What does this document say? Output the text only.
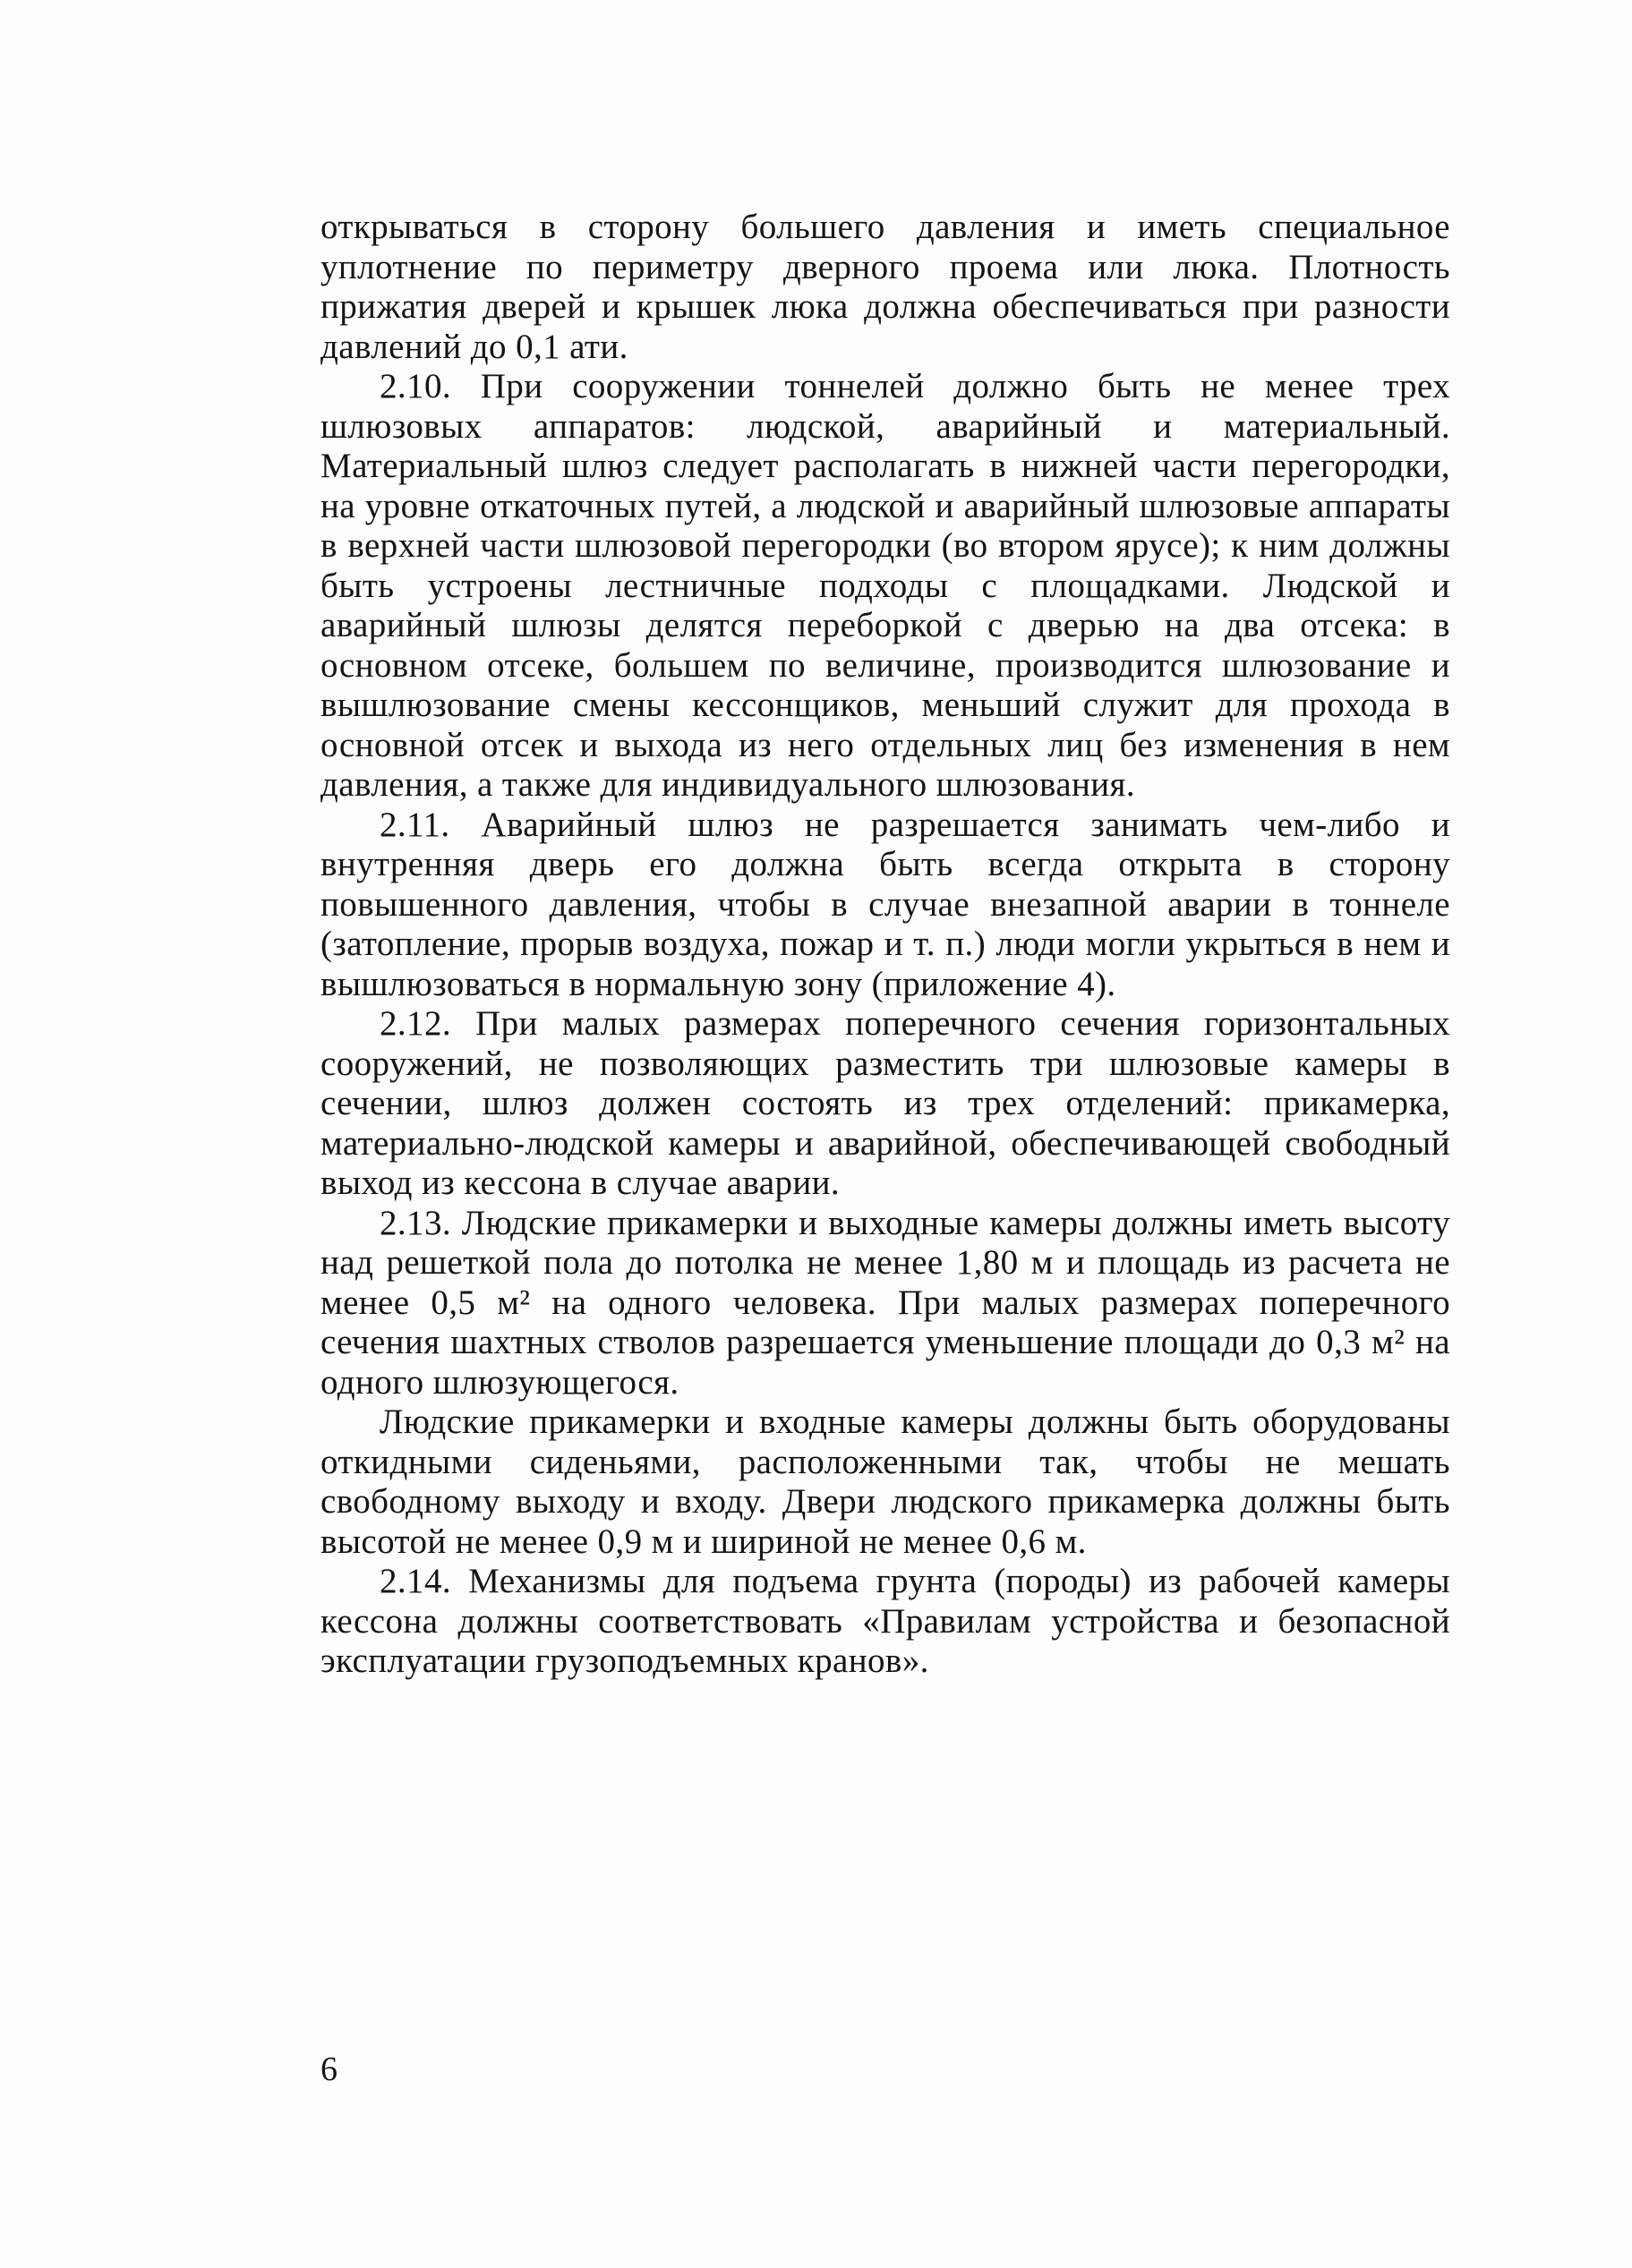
открываться в сторону большего давления и иметь специальное уплотнение по периметру дверного проема или люка. Плотность прижатия дверей и крышек люка должна обеспечиваться при разности давлений до 0,1 ати.

2.10. При сооружении тоннелей должно быть не менее трех шлюзовых аппаратов: людской, аварийный и материальный. Материальный шлюз следует располагать в нижней части перегородки, на уровне откаточных путей, а людской и аварийный шлюзовые аппараты в верхней части шлюзовой перегородки (во втором ярусе); к ним должны быть устроены лестничные подходы с площадками. Людской и аварийный шлюзы делятся переборкой с дверью на два отсека: в основном отсеке, большем по величине, производится шлюзование и вышлюзование смены кессонщиков, меньший служит для прохода в основной отсек и выхода из него отдельных лиц без изменения в нем давления, а также для индивидуального шлюзования.

2.11. Аварийный шлюз не разрешается занимать чем-либо и внутренняя дверь его должна быть всегда открыта в сторону повышенного давления, чтобы в случае внезапной аварии в тоннеле (затопление, прорыв воздуха, пожар и т. п.) люди могли укрыться в нем и вышлюзоваться в нормальную зону (приложение 4).

2.12. При малых размерах поперечного сечения горизонтальных сооружений, не позволяющих разместить три шлюзовые камеры в сечении, шлюз должен состоять из трех отделений: прикамерка, материально-людской камеры и аварийной, обеспечивающей свободный выход из кессона в случае аварии.

2.13. Людские прикамерки и выходные камеры должны иметь высоту над решеткой пола до потолка не менее 1,80 м и площадь из расчета не менее 0,5 м² на одного человека. При малых размерах поперечного сечения шахтных стволов разрешается уменьшение площади до 0,3 м² на одного шлюзующегося.

Людские прикамерки и входные камеры должны быть оборудованы откидными сиденьями, расположенными так, чтобы не мешать свободному выходу и входу. Двери людского прикамерка должны быть высотой не менее 0,9 м и шириной не менее 0,6 м.

2.14. Механизмы для подъема грунта (породы) из рабочей камеры кессона должны соответствовать «Правилам устройства и безопасной эксплуатации грузоподъемных кранов».

6
